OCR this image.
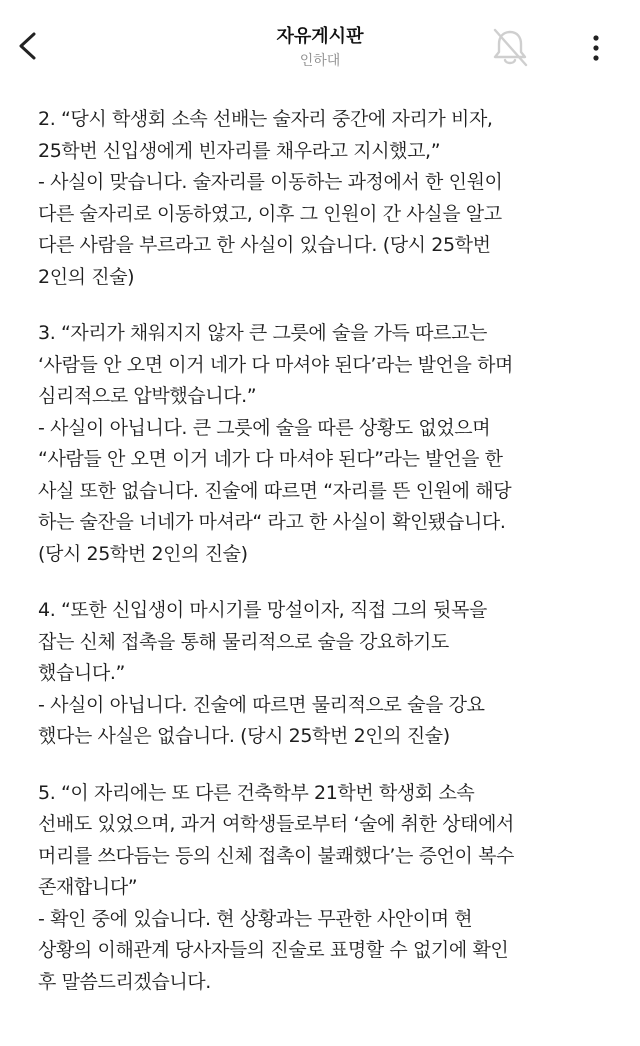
자유게시판
인하대
2. “당시 학생회 소속 선배는 술자리 중간에 자리가 비자,
25학번 신입생에게 빈자리를 채우라고 지시했고,”
- 사실이 맞습니다. 술자리를 이동하는 과정에서 한 인원이
다른 술자리로 이동하였고, 이후 그 인원이 간 사실을 알고
다른 사람을 부르라고 한 사실이 있습니다. (당시 25학번
2인의 진술)
3. “자리가 채워지지 않자 큰 그릇에 술을 가득 따르고는
‘사람들 안 오면 이거 네가 다 마셔야 된다’라는 발언을 하며
심리적으로 압박했습니다.”
- 사실이 아닙니다. 큰 그릇에 술을 따른 상황도 없었으며
“사람들 안 오면 이거 네가 다 마셔야 된다”라는 발언을 한
사실 또한 없습니다. 진술에 따르면 “자리를 뜬 인원에 해당
하는 술잔을 너네가 마셔라“ 라고 한 사실이 확인됐습니다.
(당시 25학번 2인의 진술)
4. “또한 신입생이 마시기를 망설이자, 직접 그의 뒷목을
잡는 신체 접촉을 통해 물리적으로 술을 강요하기도
했습니다.”
- 사실이 아닙니다. 진술에 따르면 물리적으로 술을 강요
했다는 사실은 없습니다. (당시 25학번 2인의 진술)
5. “이 자리에는 또 다른 건축학부 21학번 학생회 소속
선배도 있었으며, 과거 여학생들로부터 ‘술에 취한 상태에서
머리를 쓰다듬는 등의 신체 접촉이 불쾌했다’는 증언이 복수
존재합니다”
- 확인 중에 있습니다. 현 상황과는 무관한 사안이며 현
상황의 이해관계 당사자들의 진술로 표명할 수 없기에 확인
후 말씀드리겠습니다.
